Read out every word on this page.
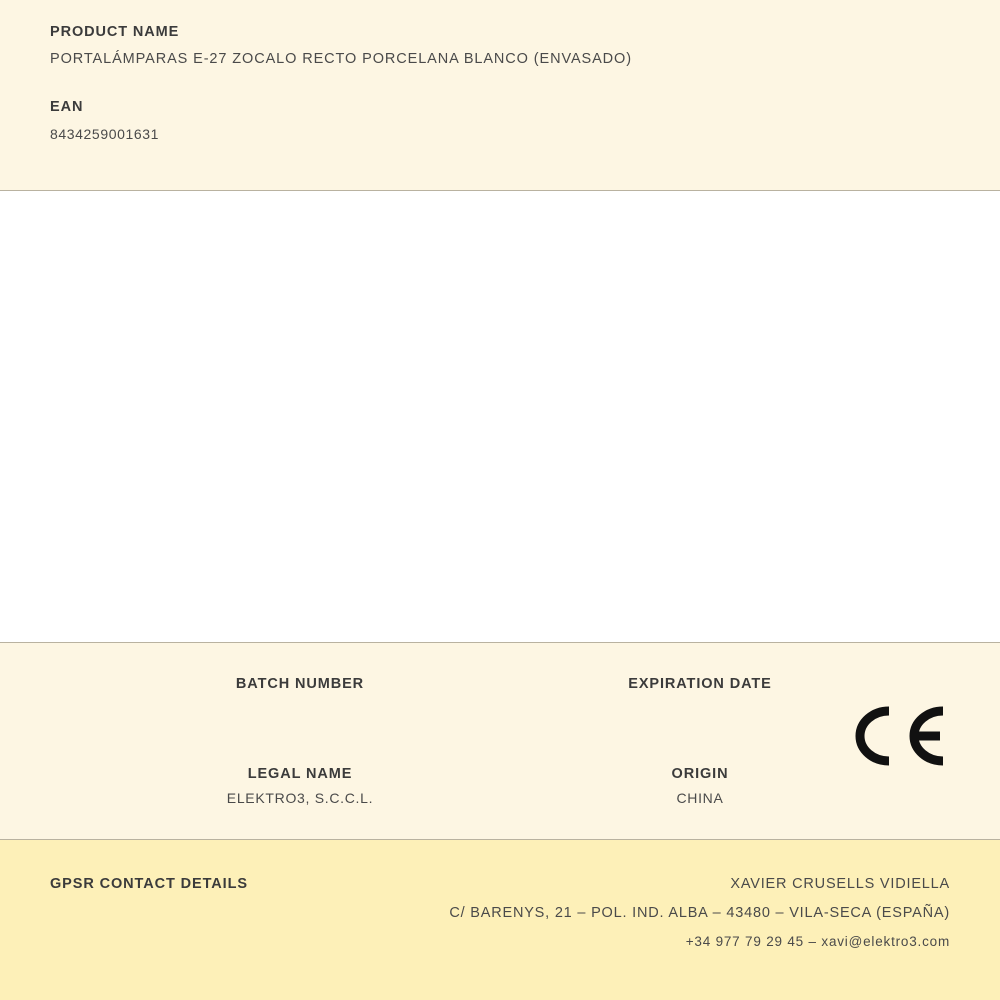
PRODUCT NAME

PORTALÁMPARAS E-27 ZOCALO RECTO PORCELANA BLANCO (ENVASADO)

EAN

8434259001631

BATCH NUMBER	EXPIRATION DATE

LEGAL NAME

ELEKTRO3, S.C.C.L.

ORIGIN

CHINA

GPSR CONTACT DETAILS	XAVIER CRUSELLS VIDIELLA

C/ BARENYS, 21 – POL. IND. ALBA – 43480 – VILA-SECA (ESPAÑA)

+34 977 79 29 45 – xavi@elektro3.com
